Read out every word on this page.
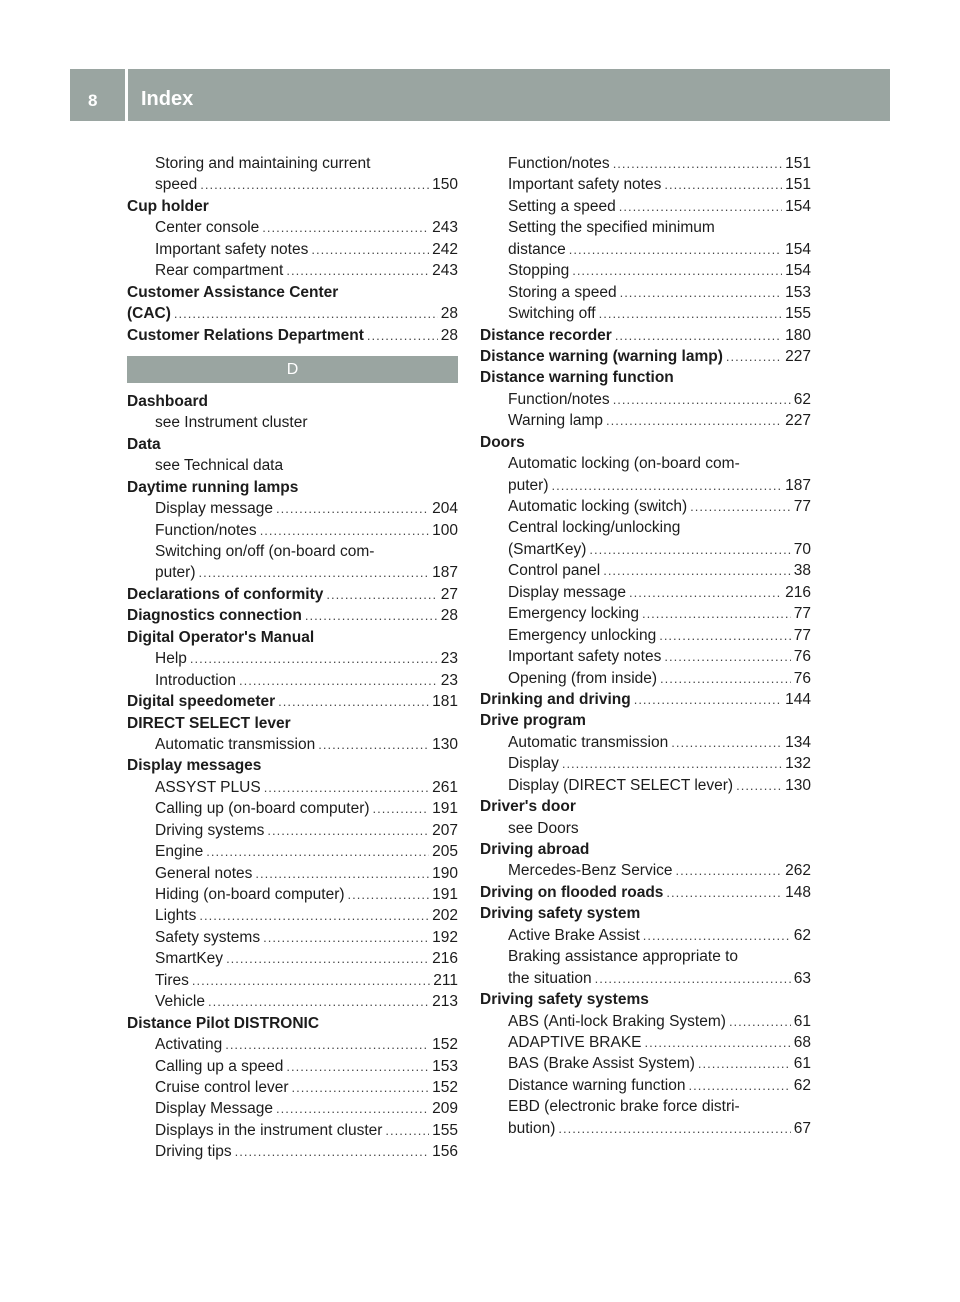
8 Index
Storing and maintaining current
speed .....	150
Cup holder
Center console .....	243
Important safety notes .....	242
Rear compartment .....	243
Customer Assistance Center
(CAC) .....	28
Customer Relations Department .....	28
D
Dashboard
see Instrument cluster
Data
see Technical data
Daytime running lamps
Display message .....	204
Function/notes .....	100
Switching on/off (on-board com-
puter) .....	187
Declarations of conformity .....	27
Diagnostics connection .....	28
Digital Operator's Manual
Help .....	23
Introduction .....	23
Digital speedometer .....	181
DIRECT SELECT lever
Automatic transmission .....	130
Display messages
ASSYST PLUS .....	261
Calling up (on-board computer) .....	191
Driving systems .....	207
Engine .....	205
General notes .....	190
Hiding (on-board computer) .....	191
Lights .....	202
Safety systems .....	192
SmartKey .....	216
Tires .....	211
Vehicle .....	213
Distance Pilot DISTRONIC
Activating .....	152
Calling up a speed .....	153
Cruise control lever .....	152
Display Message .....	209
Displays in the instrument cluster .....	155
Driving tips .....	156
Function/notes .....	151
Important safety notes .....	151
Setting a speed .....	154
Setting the specified minimum
distance .....	154
Stopping .....	154
Storing a speed .....	153
Switching off .....	155
Distance recorder .....	180
Distance warning (warning lamp) .....	227
Distance warning function
Function/notes .....	62
Warning lamp .....	227
Doors
Automatic locking (on-board com-
puter) .....	187
Automatic locking (switch) .....	77
Central locking/unlocking
(SmartKey) .....	70
Control panel .....	38
Display message .....	216
Emergency locking .....	77
Emergency unlocking .....	77
Important safety notes .....	76
Opening (from inside) .....	76
Drinking and driving .....	144
Drive program
Automatic transmission .....	134
Display .....	132
Display (DIRECT SELECT lever) .....	130
Driver's door
see Doors
Driving abroad
Mercedes-Benz Service .....	262
Driving on flooded roads .....	148
Driving safety system
Active Brake Assist .....	62
Braking assistance appropriate to
the situation .....	63
Driving safety systems
ABS (Anti-lock Braking System) .....	61
ADAPTIVE BRAKE .....	68
BAS (Brake Assist System) .....	61
Distance warning function .....	62
EBD (electronic brake force distri-
bution) .....	67
